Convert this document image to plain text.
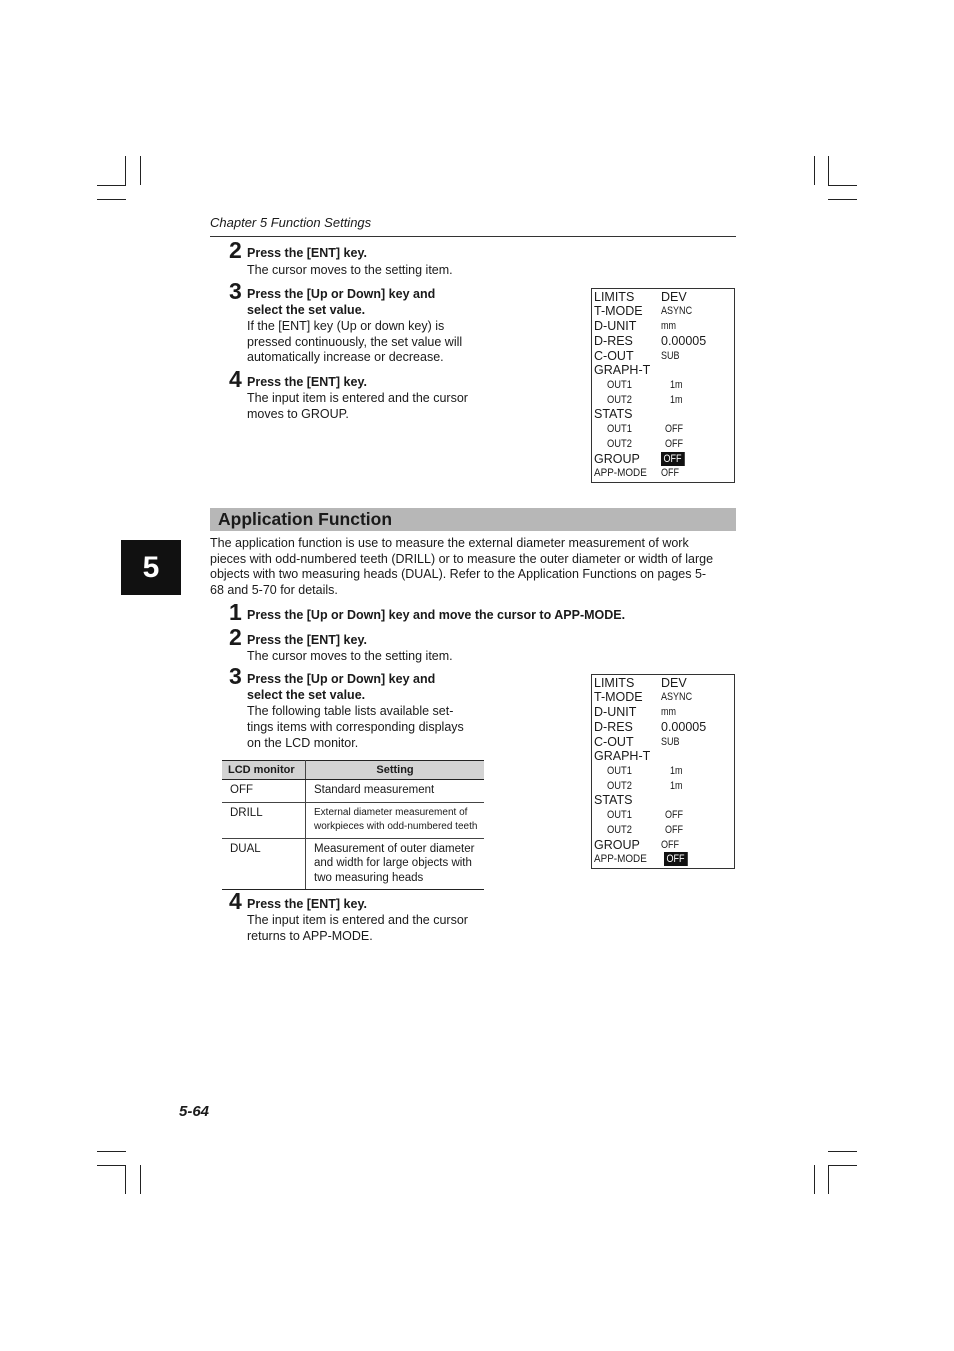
Chapter 5 Function Settings
2 Press the [ENT] key.
The cursor moves to the setting item.
3 Press the [Up or Down] key and
select the set value.
If the [ENT] key (Up or down key) is
pressed continuously, the set value will
automatically increase or decrease.
4 Press the [ENT] key.
The input item is entered and the cursor
moves to GROUP.
LIMITS DEV
T-MODE ASYNC
D-UNIT mm
D-RES 0.00005
C-OUT SUB
GRAPH-T
OUT1	1m
OUT2	1m
STATS
OUT1	OFF
OUT2	OFF
GROUP OFF
APP-MODE OFF
Application Function
5
The application function is use to measure the external diameter measurement of work
pieces with odd-numbered teeth (DRILL) or to measure the outer diameter or width of large
objects with two measuring heads (DUAL). Refer to the Application Functions on pages 5-
68 and 5-70 for details.
1 Press the [Up or Down] key and move the cursor to APP-MODE.
2 Press the [ENT] key.
The cursor moves to the setting item.
3 Press the [Up or Down] key and
select the set value.
The following table lists available set-
tings items with corresponding displays
on the LCD monitor.
LCD monitor	Setting
OFF	Standard measurement

DRILL	External diameter measurement of
workpieces with odd-numbered teeth

DUAL	Measurement of outer diameter
and width for large objects with
two measuring heads
4 Press the [ENT] key.
The input item is entered and the cursor
returns to APP-MODE.
LIMITS DEV
T-MODE ASYNC
D-UNIT mm
D-RES 0.00005
C-OUT SUB
GRAPH-T
OUT1	1m
OUT2	1m
STATS
OUT1	OFF
OUT2	OFF
GROUP OFF
APP-MODE OFF
5-64
